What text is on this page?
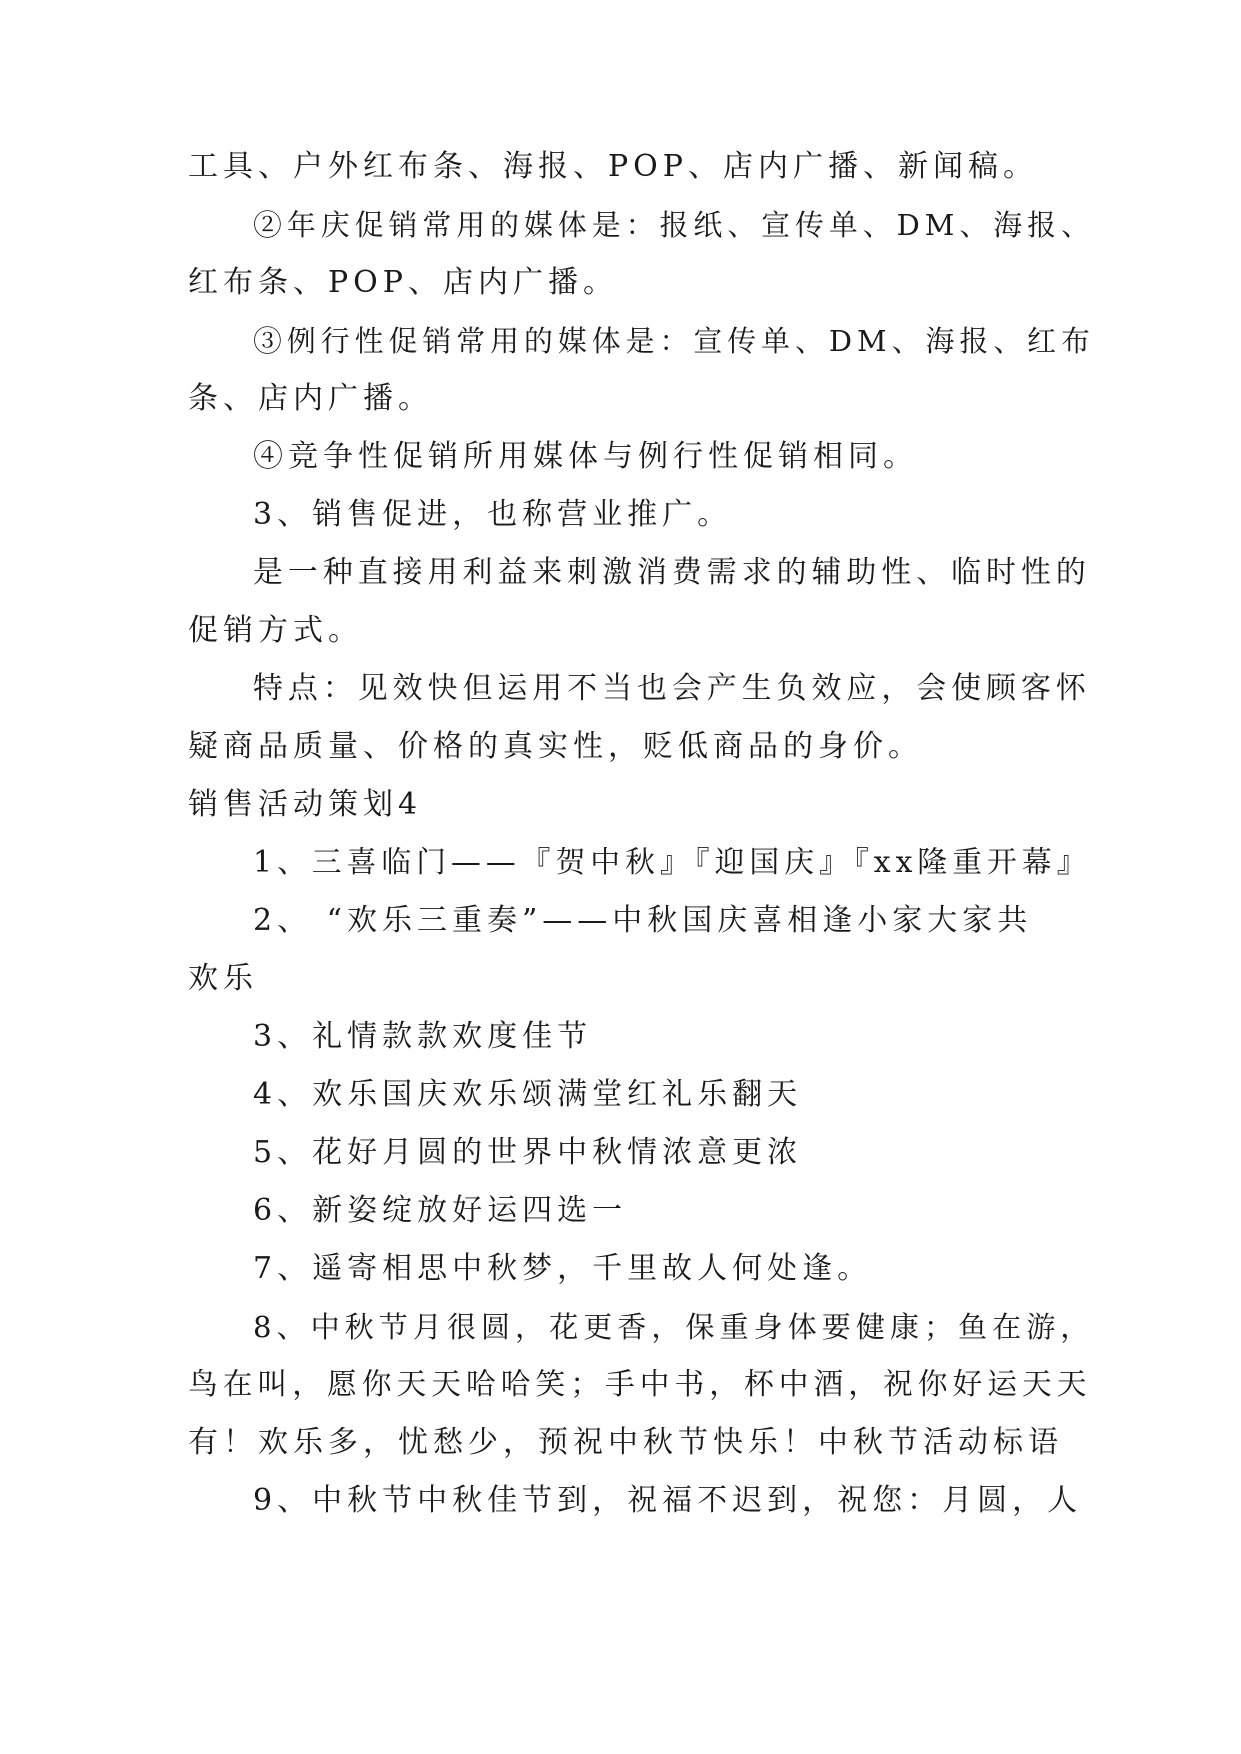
工具、户外红布条、海报、POP、店内广播、新闻稿。
②年庆促销常用的媒体是：报纸、宣传单、DM、海报、
红布条、POP、店内广播。
③例行性促销常用的媒体是：宣传单、DM、海报、红布
条、店内广播。
④竞争性促销所用媒体与例行性促销相同。
3、销售促进，也称营业推广。
是一种直接用利益来刺激消费需求的辅助性、临时性的
促销方式。
特点：见效快但运用不当也会产生负效应，会使顾客怀
疑商品质量、价格的真实性，贬低商品的身价。
销售活动策划4
1、三喜临门——『贺中秋』『迎国庆』『xx隆重开幕』
2、 “欢乐三重奏”——中秋国庆喜相逢小家大家共
欢乐
3、礼情款款欢度佳节
4、欢乐国庆欢乐颂满堂红礼乐翻天
5、花好月圆的世界中秋情浓意更浓
6、新姿绽放好运四选一
7、遥寄相思中秋梦，千里故人何处逢。
8、中秋节月很圆，花更香，保重身体要健康；鱼在游，
鸟在叫，愿你天天哈哈笑；手中书，杯中酒，祝你好运天天
有！欢乐多，忧愁少，预祝中秋节快乐！中秋节活动标语
9、中秋节中秋佳节到，祝福不迟到，祝您：月圆，人
